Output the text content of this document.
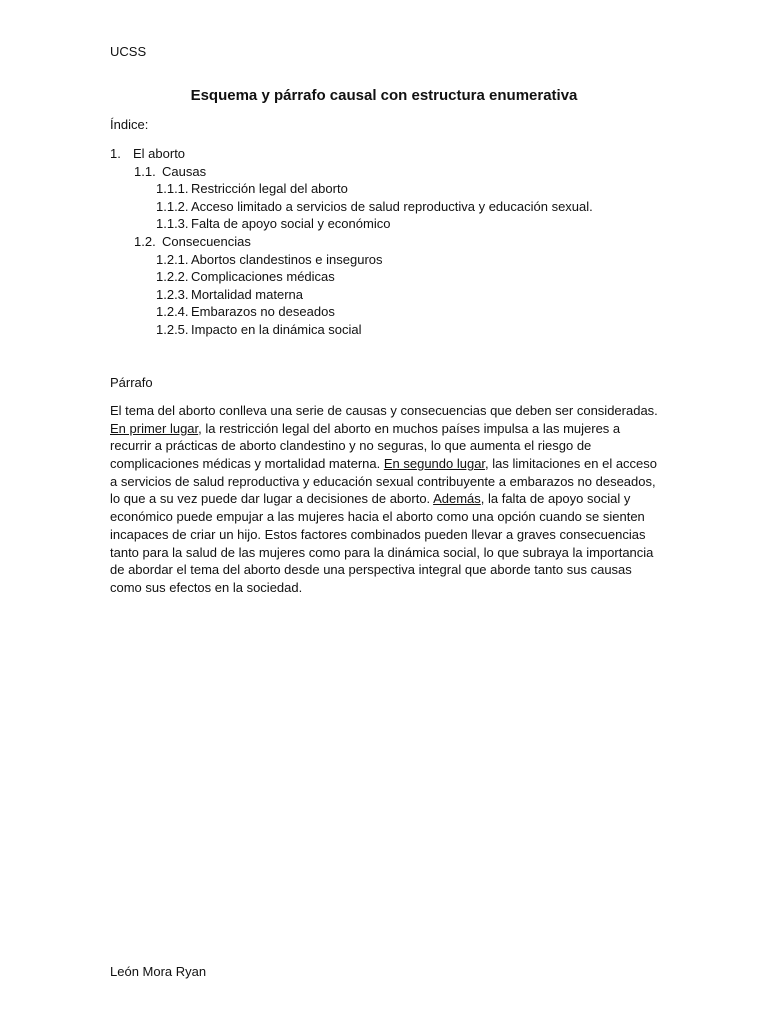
UCSS
Esquema y párrafo causal con estructura enumerativa
Índice:
1. El aborto
1.1. Causas
1.1.1. Restricción legal del aborto
1.1.2. Acceso limitado a servicios de salud reproductiva y educación sexual.
1.1.3. Falta de apoyo social y económico
1.2. Consecuencias
1.2.1. Abortos clandestinos e inseguros
1.2.2. Complicaciones médicas
1.2.3. Mortalidad materna
1.2.4. Embarazos no deseados
1.2.5. Impacto en la dinámica social
Párrafo
El tema del aborto conlleva una serie de causas y consecuencias que deben ser consideradas.
En primer lugar, la restricción legal del aborto en muchos países impulsa a las mujeres a
recurrir a prácticas de aborto clandestino y no seguras, lo que aumenta el riesgo de
complicaciones médicas y mortalidad materna. En segundo lugar, las limitaciones en el acceso
a servicios de salud reproductiva y educación sexual contribuyente a embarazos no deseados,
lo que a su vez puede dar lugar a decisiones de aborto. Además, la falta de apoyo social y
económico puede empujar a las mujeres hacia el aborto como una opción cuando se sienten
incapaces de criar un hijo. Estos factores combinados pueden llevar a graves consecuencias
tanto para la salud de las mujeres como para la dinámica social, lo que subraya la importancia
de abordar el tema del aborto desde una perspectiva integral que aborde tanto sus causas
como sus efectos en la sociedad.
León Mora Ryan
